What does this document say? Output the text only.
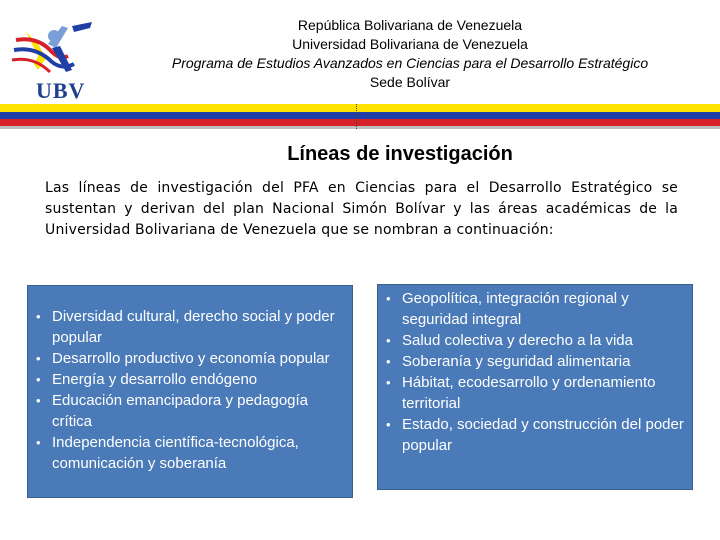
UBV
República Bolivariana de Venezuela
Universidad Bolivariana de Venezuela
Programa de Estudios Avanzados en Ciencias para el Desarrollo Estratégico
Sede Bolívar
Líneas de investigación
Las líneas de investigación del PFA en Ciencias para el Desarrollo Estratégico se sustentan y derivan del plan Nacional Simón Bolívar y las áreas académicas de la Universidad Bolivariana de Venezuela que se nombran a continuación:
• Diversidad cultural, derecho social y poder popular
• Desarrollo productivo y economía popular
• Energía y desarrollo endógeno
• Educación emancipadora y pedagogía crítica
• Independencia científica-tecnológica, comunicación y soberanía
• Geopolítica, integración regional y seguridad integral
• Salud colectiva y derecho a la vida
• Soberanía y seguridad alimentaria
• Hábitat, ecodesarrollo y ordenamiento territorial
• Estado, sociedad y construcción del poder popular
